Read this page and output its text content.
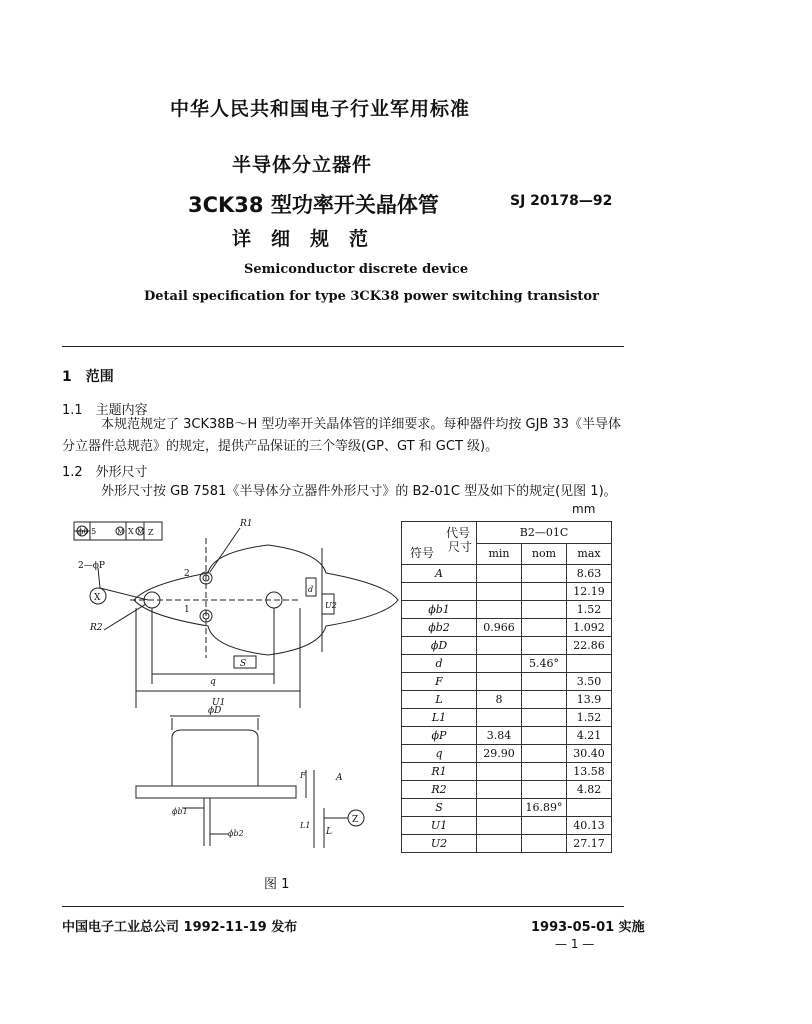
中华人民共和国电子行业军用标准
半导体分立器件
3CK38 型功率开关晶体管
详细规范
SJ 20178—92
Semiconductor discrete device
Detail specification for type 3CK38 power switching transistor
1　范围
1.1　主题内容
本规范规定了 3CK38B～H 型功率开关晶体管的详细要求。每种器件均按 GJB 33《半导体
分立器件总规范》的规定，提供产品保证的三个等级(GP、GT 和 GCT 级)。
1.2　外形尺寸
外形尺寸按 GB 7581《半导体分立器件外形尺寸》的 B2-01C 型及如下的规定(见图 1)。
mm
ϕ0.5	M X M Z
2—ϕP
X
R1
R2
2
1
d
U2
S
q
U1
ϕD
F	A
L1
L
Z
ϕb1
ϕb2
代号
尺寸
符号	B2—01C		
	min	nom	max
A			8.63
			12.19
ϕb1			1.52
ϕb2	0.966		1.092
ϕD			22.86
d		5.46°	
F			3.50
L	8		13.9
L1			1.52
ϕP	3.84		4.21
q	29.90		30.40
R1			13.58
R2			4.82
S		16.89°	
U1			40.13
U2			27.17
图 1
中国电子工业总公司 1992-11-19 发布	1993-05-01 实施
— 1 —
